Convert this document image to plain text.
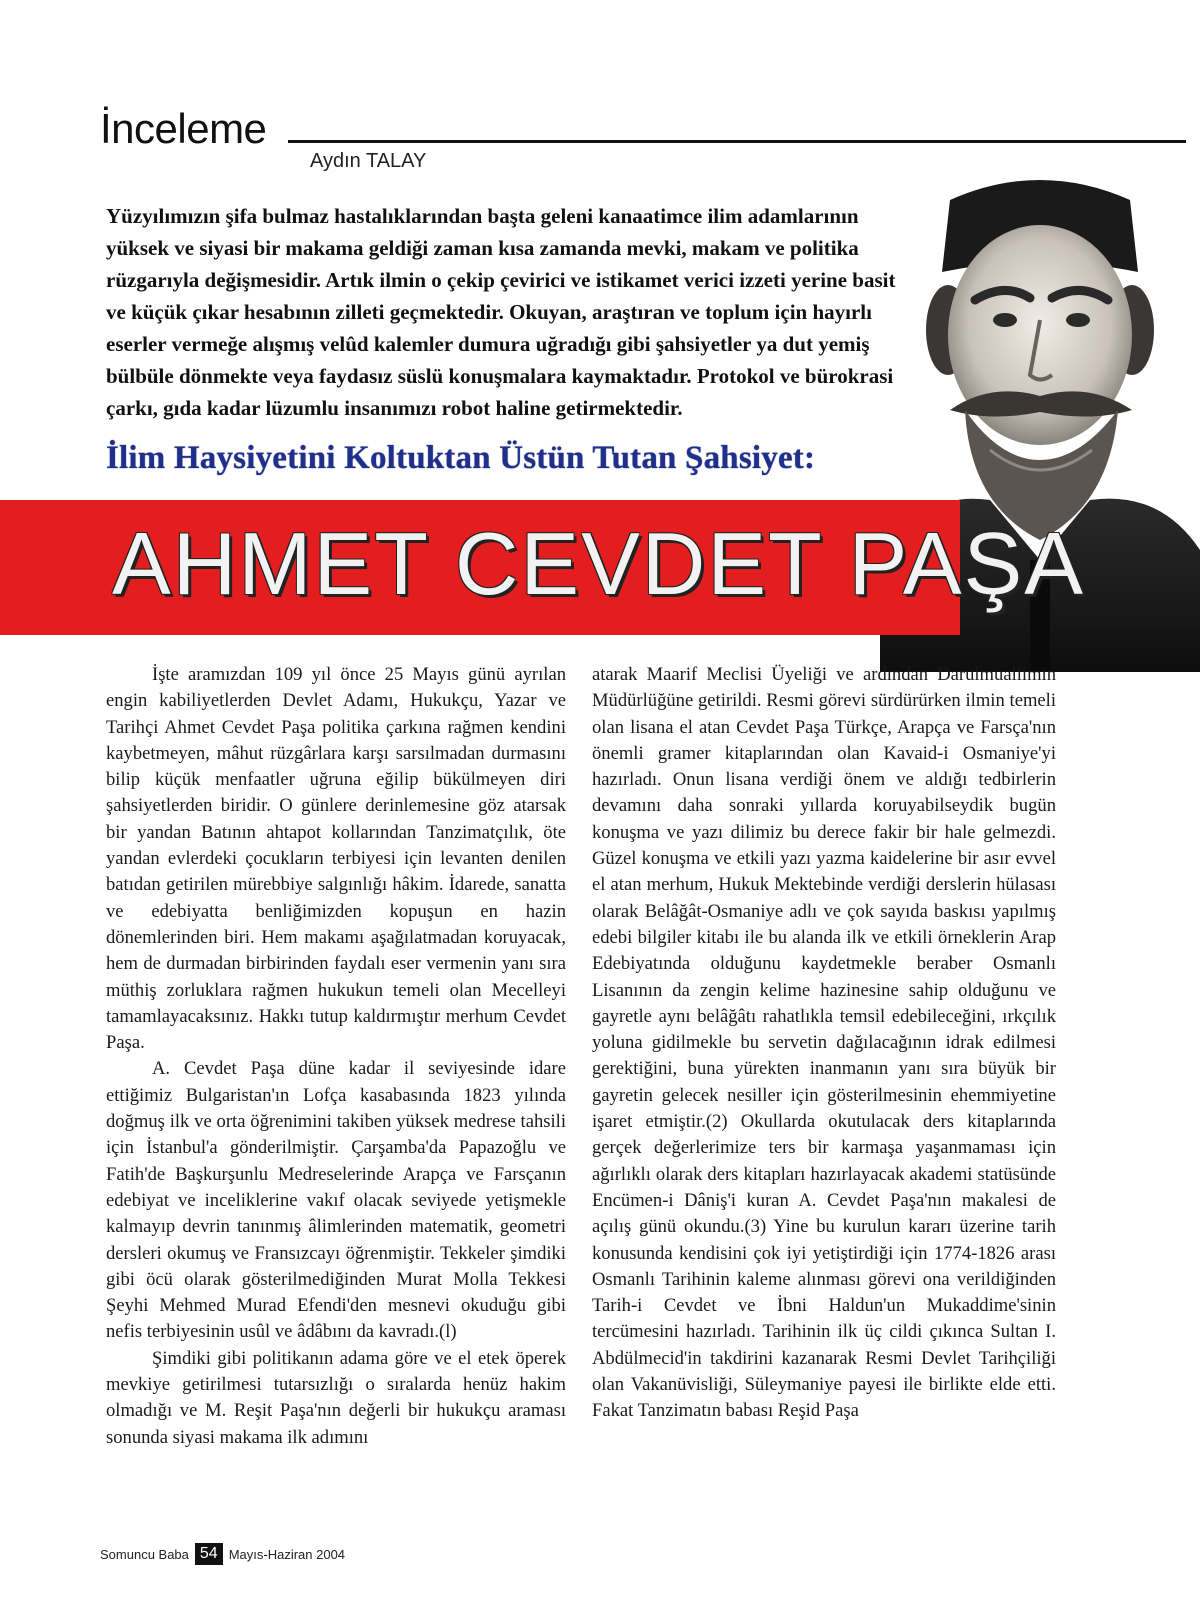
İnceleme
Aydın TALAY
Yüzyılımızın şifa bulmaz hastalıklarından başta geleni kanaatimce ilim adamlarının yüksek ve siyasi bir makama geldiği zaman kısa zamanda mevki, makam ve politika rüzgarıyla değişmesidir. Artık ilmin o çekip çevirici ve istikamet verici izzeti yerine basit ve küçük çıkar hesabının zilleti geçmektedir. Okuyan, araştıran ve toplum için hayırlı eserler vermeğe alışmış velûd kalemler dumura uğradığı gibi şahsiyetler ya dut yemiş bülbüle dönmekte veya faydasız süslü konuşmalara kaymaktadır. Protokol ve bürokrasi çarkı, gıda kadar lüzumlu insanımızı robot haline getirmektedir.
İlim Haysiyetini Koltuktan Üstün Tutan Şahsiyet:
AHMET CEVDET PAŞA

İşte aramızdan 109 yıl önce 25 Mayıs günü ayrılan engin kabiliyetlerden Devlet Adamı, Hukukçu, Yazar ve Tarihçi Ahmet Cevdet Paşa politika çarkına rağmen kendini kaybetmeyen, mâhut rüzgârlara karşı sarsılmadan durmasını bilip küçük menfaatler uğruna eğilip bükülmeyen diri şahsiyetlerden biridir. O günlere derinlemesine göz atarsak bir yandan Batının ahtapot kollarından Tanzimatçılık, öte yandan evlerdeki çocukların terbiyesi için levanten denilen batıdan getirilen mürebbiye salgınlığı hâkim. İdarede, sanatta ve edebiyatta benliğimizden kopuşun en hazin dönemlerinden biri. Hem makamı aşağılatmadan koruyacak, hem de durmadan birbirinden faydalı eser vermenin yanı sıra müthiş zorluklara rağmen hukukun temeli olan Mecelleyi tamamlayacaksınız. Hakkı tutup kaldırmıştır merhum Cevdet Paşa.

A. Cevdet Paşa düne kadar il seviyesinde idare ettiğimiz Bulgaristan'ın Lofça kasabasında 1823 yılında doğmuş ilk ve orta öğrenimini takiben yüksek medrese tahsili için İstanbul'a gönderilmiştir. Çarşamba'da Papazoğlu ve Fatih'de Başkurşunlu Medreselerinde Arapça ve Farsçanın edebiyat ve inceliklerine vakıf olacak seviyede yetişmekle kalmayıp devrin tanınmış âlimlerinden matematik, geometri dersleri okumuş ve Fransızcayı öğrenmiştir. Tekkeler şimdiki gibi öcü olarak gösterilmediğinden Murat Molla Tekkesi Şeyhi Mehmed Murad Efendi'den mesnevi okuduğu gibi nefis terbiyesinin usûl ve âdâbını da kavradı.(l)

Şimdiki gibi politikanın adama göre ve el etek öperek mevkiye getirilmesi tutarsızlığı o sıralarda henüz hakim olmadığı ve M. Reşit Paşa'nın değerli bir hukukçu araması sonunda siyasi makama ilk adımını

atarak Maarif Meclisi Üyeliği ve ardından Darülmuallimin Müdürlüğüne getirildi. Resmi görevi sürdürürken ilmin temeli olan lisana el atan Cevdet Paşa Türkçe, Arapça ve Farsça'nın önemli gramer kitaplarından olan Kavaid-i Osmaniye'yi hazırladı. Onun lisana verdiği önem ve aldığı tedbirlerin devamını daha sonraki yıllarda koruyabilseydik bugün konuşma ve yazı dilimiz bu derece fakir bir hale gelmezdi. Güzel konuşma ve etkili yazı yazma kaidelerine bir asır evvel el atan merhum, Hukuk Mektebinde verdiği derslerin hülasası olarak Belâğât-Osmaniye adlı ve çok sayıda baskısı yapılmış edebi bilgiler kitabı ile bu alanda ilk ve etkili örneklerin Arap Edebiyatında olduğunu kaydetmekle beraber Osmanlı Lisanının da zengin kelime hazinesine sahip olduğunu ve gayretle aynı belâğâtı rahatlıkla temsil edebileceğini, ırkçılık yoluna gidilmekle bu servetin dağılacağının idrak edilmesi gerektiğini, buna yürekten inanmanın yanı sıra büyük bir gayretin gelecek nesiller için gösterilmesinin ehemmiyetine işaret etmiştir.(2) Okullarda okutulacak ders kitaplarında gerçek değerlerimize ters bir karmaşa yaşanmaması için ağırlıklı olarak ders kitapları hazırlayacak akademi statüsünde Encümen-i Dâniş'i kuran A. Cevdet Paşa'nın makalesi de açılış günü okundu.(3) Yine bu kurulun kararı üzerine tarih konusunda kendisini çok iyi yetiştirdiği için 1774-1826 arası Osmanlı Tarihinin kaleme alınması görevi ona verildiğinden Tarih-i Cevdet ve İbni Haldun'un Mukaddime'sinin tercümesini hazırladı. Tarihinin ilk üç cildi çıkınca Sultan I. Abdülmecid'in takdirini kazanarak Resmi Devlet Tarihçiliği olan Vakanüvisliği, Süleymaniye payesi ile birlikte elde etti. Fakat Tanzimatın babası Reşid Paşa

Somuncu Baba 54 Mayıs-Haziran 2004
